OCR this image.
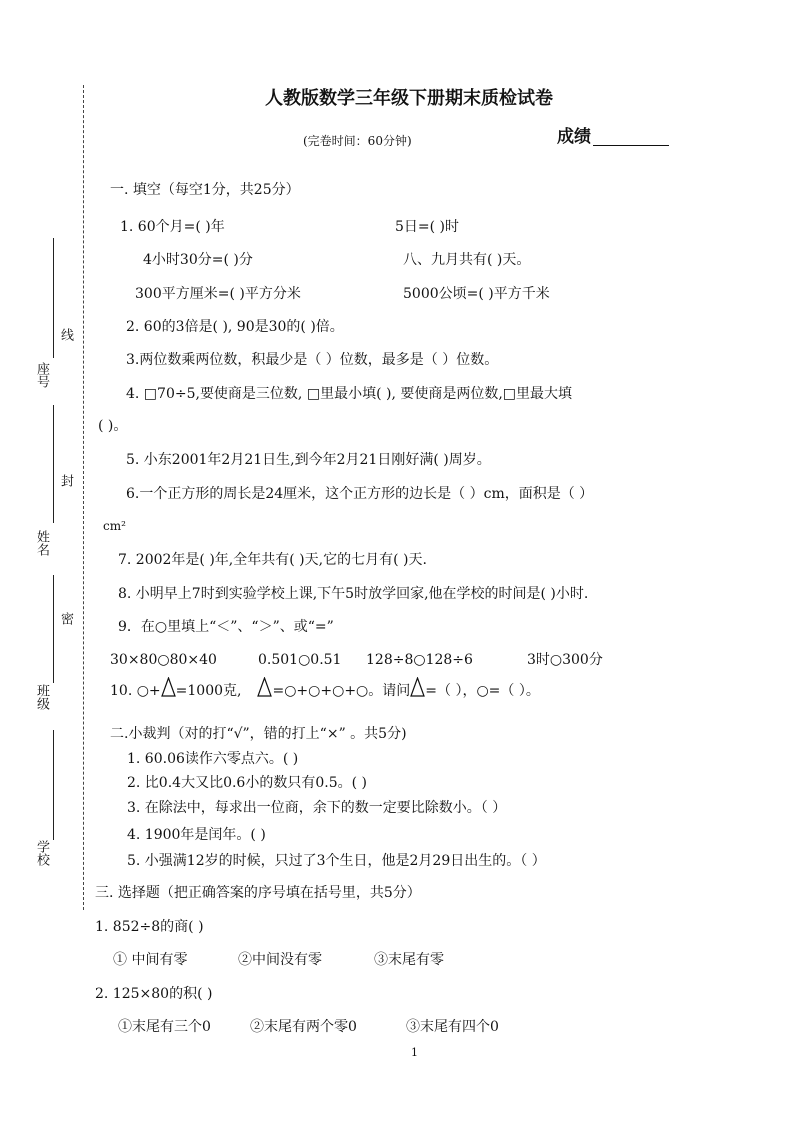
座号
姓名
班级
学校
线
封
密
人教版数学三年级下册期末质检试卷
(完卷时间：60分钟)	成绩
一. 填空（每空1分，共25分）
1. 60个月=( )年	5日=( )时
4小时30分=( )分	八、九月共有( )天。
300平方厘米=( )平方分米	5000公顷=( )平方千米
2. 60的3倍是( ), 90是30的( )倍。
3.两位数乘两位数，积最少是（ ）位数，最多是（ ）位数。
4. □70÷5,要使商是三位数, □里最小填( ), 要使商是两位数,□里最大填
( )。
5. 小东2001年2月21日生,到今年2月21日刚好满( )周岁。
6.一个正方形的周长是24厘米，这个正方形的边长是（ ）cm，面积是（ ）
cm²
7. 2002年是( )年,全年共有( )天,它的七月有( )天.
8. 小明早上7时到实验学校上课,下午5时放学回家,他在学校的时间是( )小时.
9．在○里填上“＜”、“＞”、或“=”
30×80○80×40	0.501○0.51 128÷8○128÷6	3时○300分
10. ○+ =1000克, =○+○+○+○。请问 =（ ），○=（ ）。
二.小裁判（对的打“√”，错的打上“×” 。共5分)
1. 60.06读作六零点六。( )
2. 比0.4大又比0.6小的数只有0.5。( )
3. 在除法中，每求出一位商，余下的数一定要比除数小。（ ）
4. 1900年是闰年。( )
5. 小强满12岁的时候，只过了3个生日，他是2月29日出生的。（ ）
三. 选择题（把正确答案的序号填在括号里，共5分）
1. 852÷8的商( )
① 中间有零	②中间没有零	③末尾有零
2. 125×80的积( )
①末尾有三个0	②末尾有两个零0	③末尾有四个0
1
